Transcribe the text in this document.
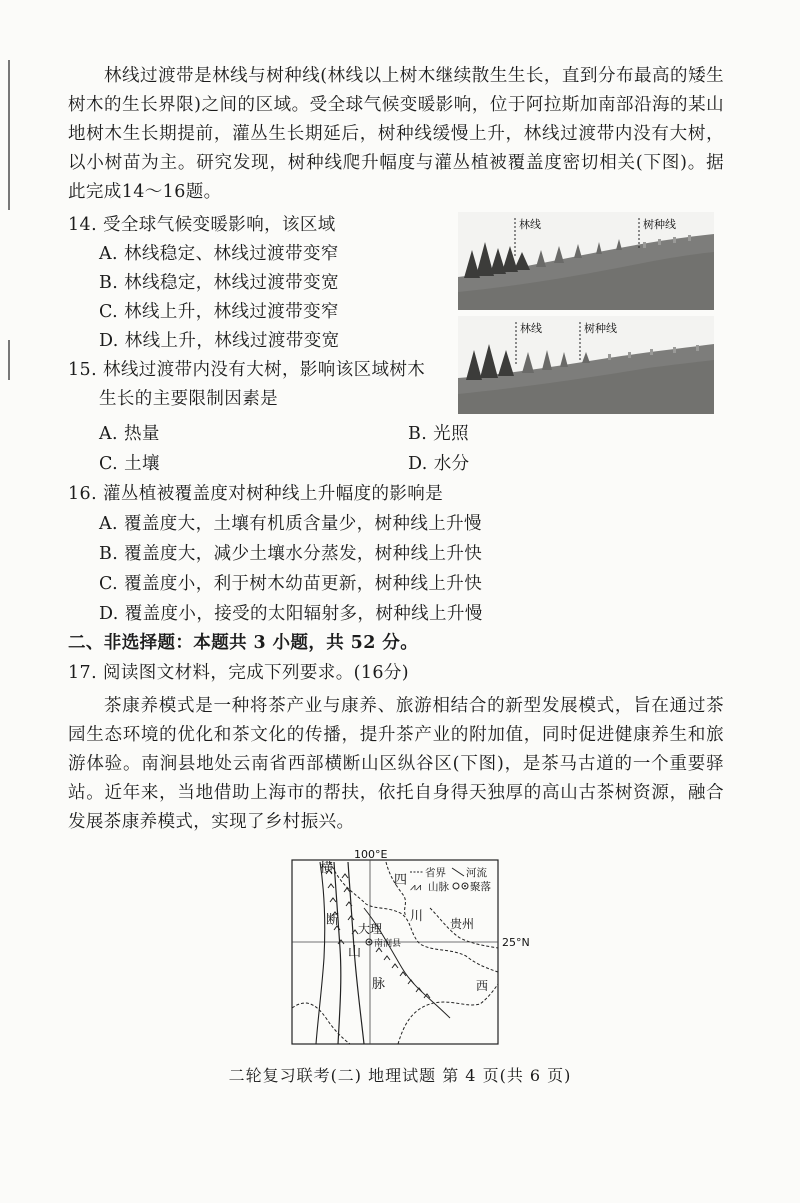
林线过渡带是林线与树种线(林线以上树木继续散生生长，直到分布最高的矮生树木的生长界限)之间的区域。受全球气候变暖影响，位于阿拉斯加南部沿海的某山地树木生长期提前，灌丛生长期延后，树种线缓慢上升，林线过渡带内没有大树，以小树苗为主。研究发现，树种线爬升幅度与灌丛植被覆盖度密切相关(下图)。据此完成14～16题。
14. 受全球气候变暖影响，该区域
A. 林线稳定、林线过渡带变窄
B. 林线稳定，林线过渡带变宽
C. 林线上升，林线过渡带变窄
D. 林线上升，林线过渡带变宽
15. 林线过渡带内没有大树，影响该区域树木
生长的主要限制因素是
A. 热量	B. 光照
C. 土壤	D. 水分
16. 灌丛植被覆盖度对树种线上升幅度的影响是
A. 覆盖度大，土壤有机质含量少，树种线上升慢
B. 覆盖度大，减少土壤水分蒸发，树种线上升快
C. 覆盖度小，利于树木幼苗更新，树种线上升快
D. 覆盖度小，接受的太阳辐射多，树种线上升慢
二、非选择题：本题共 3 小题，共 52 分。
17. 阅读图文材料，完成下列要求。(16分)
茶康养模式是一种将茶产业与康养、旅游相结合的新型发展模式，旨在通过茶园生态环境的优化和茶文化的传播，提升茶产业的附加值，同时促进健康养生和旅游体验。南涧县地处云南省西部横断山区纵谷区(下图)，是茶马古道的一个重要驿站。近年来，当地借助上海市的帮扶，依托自身得天独厚的高山古茶树资源，融合发展茶康养模式，实现了乡村振兴。
林线	树种线
林线	树种线
100°E
25°N
省界 河流
⩘⩘ 山脉 聚落
横
断
山
脉
四
川 贵州
大理
南涧县
西
二轮复习联考(二) 地理试题 第 4 页(共 6 页)
